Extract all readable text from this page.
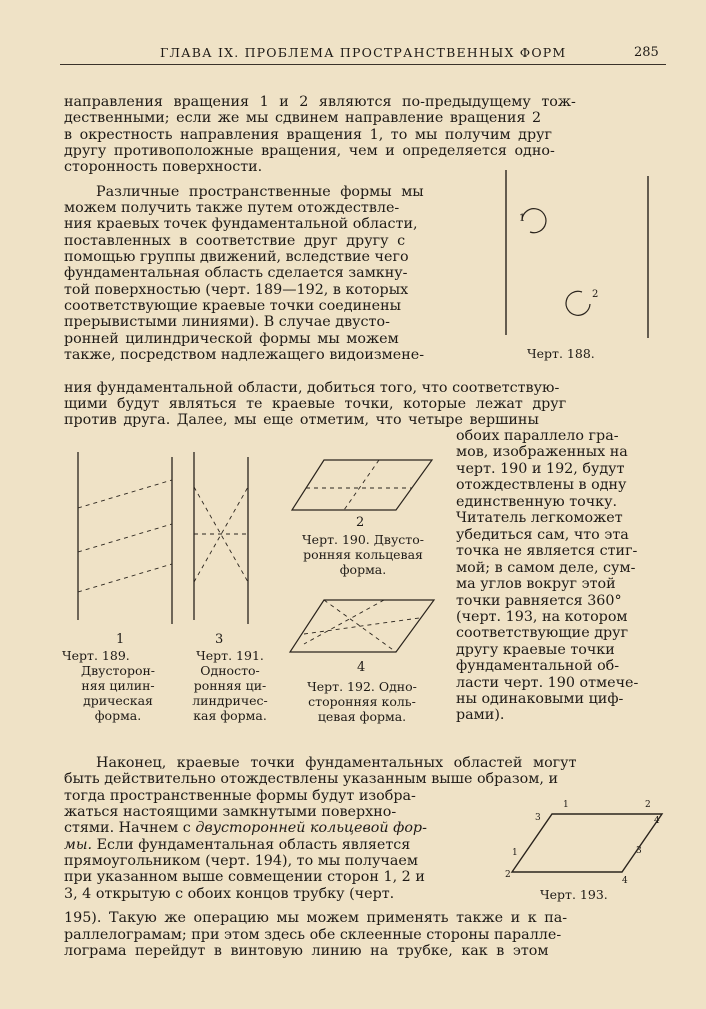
ГЛАВА IX. ПРОБЛЕМА ПРОСТРАНСТВЕННЫХ ФОРМ	285
направления вращения 1 и 2 являются по-предыдущему тож-
дественными; если же мы сдвинем направление вращения 2
в окрестность направления вращения 1, то мы получим друг
другу противоположные вращения, чем и определяется одно-
сторонность поверхности.
Различные пространственные формы мы
можем получить также путем отождествле-
ния краевых точек фундаментальной области,
поставленных в соответствие друг другу с
помощью группы движений, вследствие чего
фундаментальная область сделается замкну-
той поверхностью (черт. 189—192, в которых
соответствующие краевые точки соединены
прерывистыми линиями). В случае двусто-
ронней цилиндрической формы мы можем
также, посредством надлежащего видоизмене-
ния фундаментальной области, добиться того, что соответствую-
щими будут являться те краевые точки, которые лежат друг
против друга. Далее, мы еще отметим, что четыре вершины
1
2
Черт. 188.
обоих параллело гра-
мов, изображенных на
черт. 190 и 192, будут
отождествлены в одну
единственную точку.
Читатель легкоможет
убедиться сам, что эта
точка не является стиг-
мой; в самом деле, сум-
ма углов вокруг этой
точки равняется 360°
(черт. 193, на котором
соответствующие друг
другу краевые точки
фундаментальной об-
ласти черт. 190 отмече-
ны одинаковыми циф-
рами).
1
Черт. 189.
Двусторон-
няя цилин-
дрическая
форма.
3
Черт. 191.
Односто-
ронняя ци-
линдричес-
кая форма.
2
Черт. 190. Двусто-
ронняя кольцевая
форма.
4
Черт. 192. Одно-
сторонняя коль-
цевая форма.
Наконец, краевые точки фундаментальных областей могут
быть действительно отождествлены указанным выше образом, и
тогда пространственные формы будут изобра-
жаться настоящими замкнутыми поверхно-
стями. Начнем с двусторонней кольцевой фор-
мы. Если фундаментальная область является
прямоугольником (черт. 194), то мы получаем
при указанном выше совмещении сторон 1, 2 и
3, 4 открытую с обоих концов трубку (черт.
195). Такую же операцию мы можем применять также и к па-
раллелограмам; при этом здесь обе склеенные стороны паралле-
лограма перейдут в винтовую линию на трубке, как в этом
1	2
3	4
1	3
2
4
Черт. 193.
